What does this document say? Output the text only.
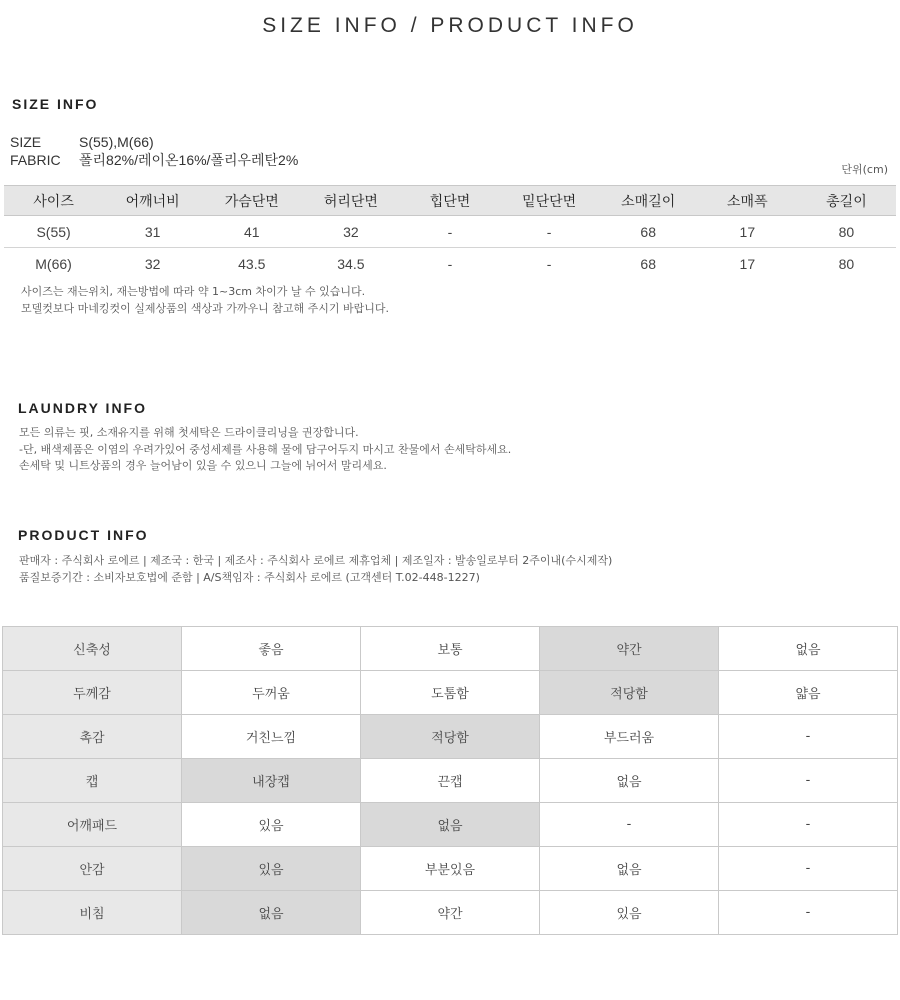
SIZE INFO / PRODUCT INFO
SIZE INFO
SIZE	S(55),M(66)
FABRIC 폴리82%/레이온16%/폴리우레탄2%
단위(cm)
사이즈	어깨너비	가슴단면	허리단면	힙단면	밑단단면	소매길이	소매폭	총길이
S(55)	31	41	32	-	-	68	17	80
M(66)	32	43.5	34.5	-	-	68	17	80
사이즈는 재는위치, 재는방법에 따라 약 1~3cm 차이가 날 수 있습니다.
모델컷보다 마네킹컷이 실제상품의 색상과 가까우니 참고해 주시기 바랍니다.
LAUNDRY INFO
모든 의류는 핏, 소재유지를 위해 첫세탁은 드라이클리닝을 권장합니다.
-단, 배색제품은 이염의 우려가있어 중성세제를 사용해 물에 담구어두지 마시고 찬물에서 손세탁하세요.
손세탁 및 니트상품의 경우 늘어남이 있을 수 있으니 그늘에 뉘어서 말리세요.
PRODUCT INFO
판매자 : 주식회사 로에르 | 제조국 : 한국 | 제조사 : 주식회사 로에르 제휴업체 | 제조일자 : 발송일로부터 2주이내(수시제작)
품질보증기간 : 소비자보호법에 준함 | A/S책임자 : 주식회사 로에르 (고객센터 T.02-448-1227)
신축성	좋음	보통	약간	없음
두께감	두꺼움	도톰함	적당함	얇음
촉감	거친느낌	적당함	부드러움	-
캡	내장캡	끈캡	없음	-
어깨패드	있음	없음	-	-
안감	있음	부분있음	없음	-
비침	없음	약간	있음	-
